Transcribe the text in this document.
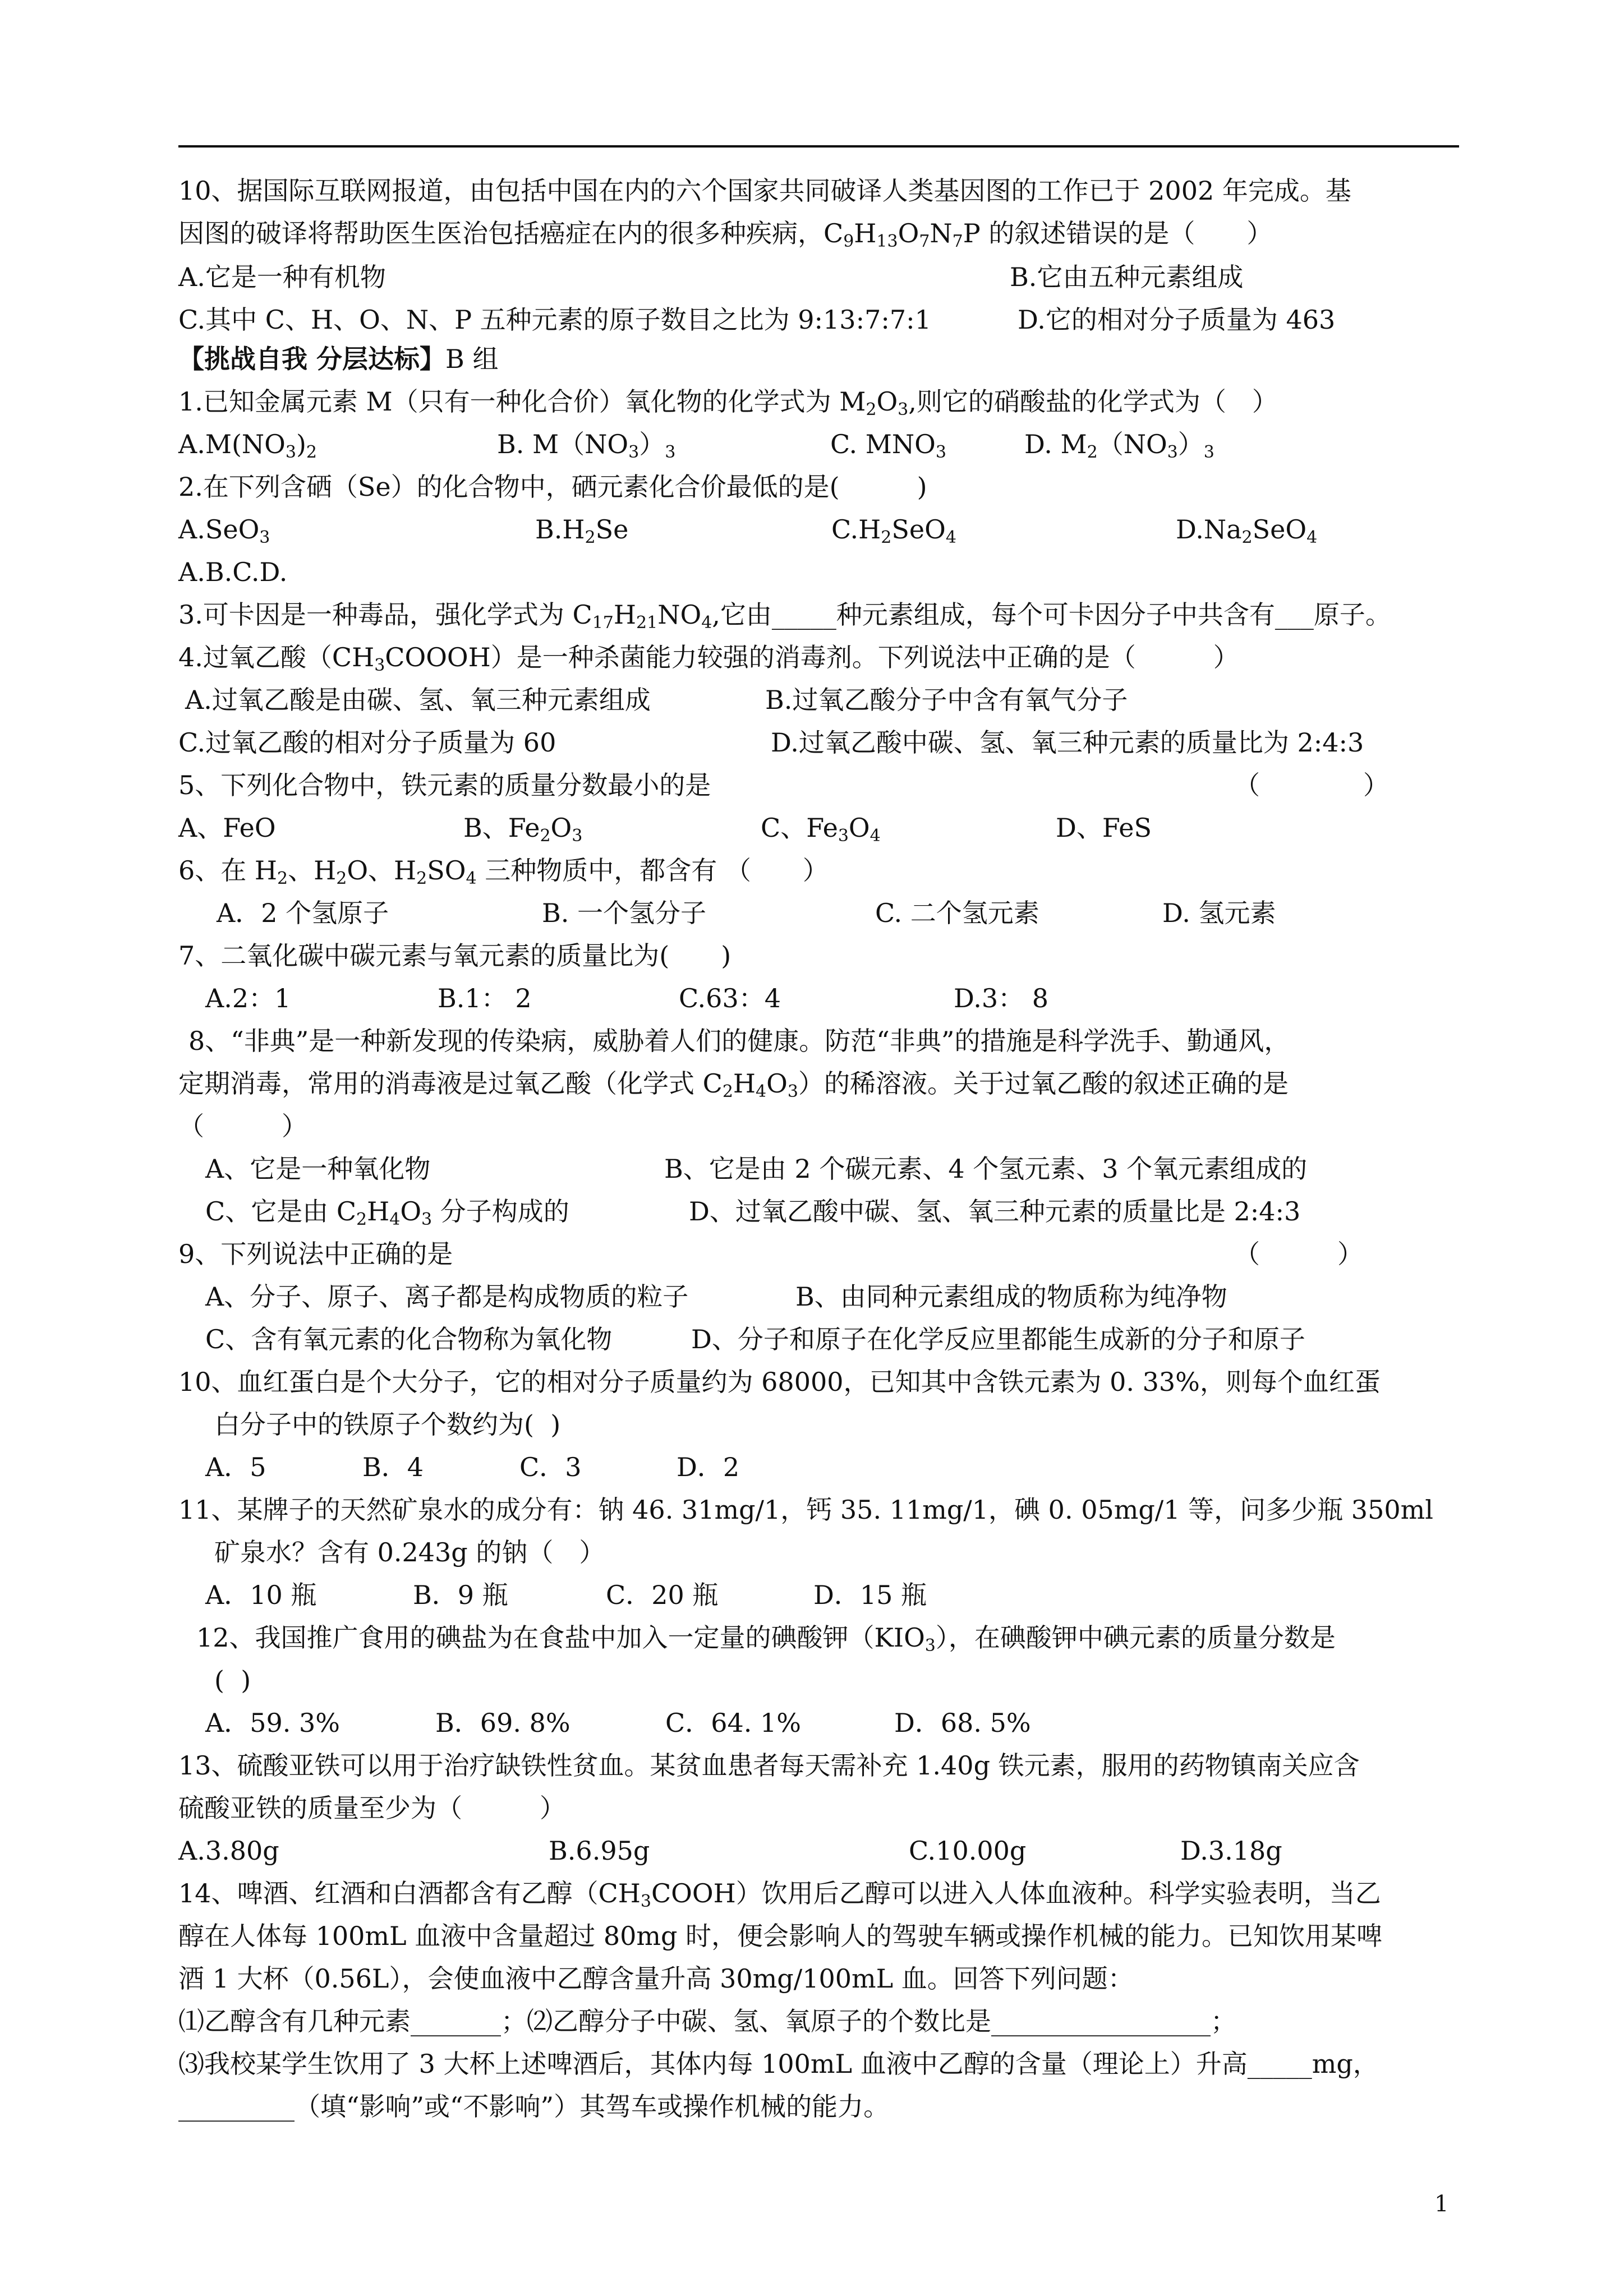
10、据国际互联网报道，由包括中国在内的六个国家共同破译人类基因图的工作已于 2002 年完成。基
因图的破译将帮助医生医治包括癌症在内的很多种疾病，$C_9H_{13}O_7N_7P$ 的叙述错误的是（　　）
A.它是一种有机物	B.它由五种元素组成
C.其中 C、H、O、N、P 五种元素的原子数目之比为 9:13:7:7:1	D.它的相对分子质量为 463
【挑战自我 分层达标】B 组
1.已知金属元素 M（只有一种化合价）氧化物的化学式为 $M_2O_3$,则它的硝酸盐的化学式为（　）
$A.M(NO_3)_2$	B. $M(NO_3)_3$	C. $MNO_3$	D. $M_2(NO_3)_3$
2.在下列含硒（Se）的化合物中，硒元素化合价最低的是(　　　)
A.SeO$_3$	$B.H_2Se$	$C.H_2SeO_4$	$D.Na_2SeO_4$
A.B.C.D.
3.可卡因是一种毒品，强化学式为 $C_{17}H_{21}NO_4$,它由_____种元素组成，每个可卡因分子中共含有___原子。
4.过氧乙酸$(CH_3COOOH)$是一种杀菌能力较强的消毒剂。下列说法中正确的是（　　　）
A.过氧乙酸是由碳、氢、氧三种元素组成	B.过氧乙酸分子中含有氧气分子
C.过氧乙酸的相对分子质量为 60	D.过氧乙酸中碳、氢、氧三种元素的质量比为 2:4:3
5、下列化合物中，铁元素的质量分数最小的是	（　　　　）
A、FeO	B、$Fe_2O_3$	C、$Fe_3O_4$	D、FeS
6、在 $H_2$、$H_2O$、$H_2SO_4$ 三种物质中，都含有 （　　）
A．2 个氢原子	B. 一个氢分子	C. 二个氢元素	D. 氢元素
7、二氧化碳中碳元素与氧元素的质量比为(　　)
A.2：1	B.1： 2	C.63：4	D.3： 8
8、“非典”是一种新发现的传染病，威胁着人们的健康。防范“非典”的措施是科学洗手、勤通风，
定期消毒，常用的消毒液是过氧乙酸（化学式 $C_2H_4O_3$）的稀溶液。关于过氧乙酸的叙述正确的是
（　　　）
A、它是一种氧化物	B、它是由 2 个碳元素、4 个氢元素、3 个氧元素组成的
C、它是由 $C_2H_4O_3$ 分子构成的	D、过氧乙酸中碳、氢、氧三种元素的质量比是 2:4:3
9、下列说法中正确的是	（　　　）
A、分子、原子、离子都是构成物质的粒子	B、由同种元素组成的物质称为纯净物
C、含有氧元素的化合物称为氧化物	D、分子和原子在化学反应里都能生成新的分子和原子
10、血红蛋白是个大分子，它的相对分子质量约为 68000，已知其中含铁元素为 0. 33%，则每个血红蛋
白分子中的铁原子个数约为(  )
A．5	B．4	C．3	D．2
11、某牌子的天然矿泉水的成分有：钠 46. 31mg/1，钙 35. 11mg/1，碘 0. 05mg/1 等，问多少瓶 350ml
矿泉水？含有 0.243g 的钠（　）
A．10 瓶	B．9 瓶	C．20 瓶	D．15 瓶
12、我国推广食用的碘盐为在食盐中加入一定量的碘酸钾$(KIO_3)$，在碘酸钾中碘元素的质量分数是
(  )
A．59. 3%	B．69. 8%	C．64. 1%	D．68. 5%
13、硫酸亚铁可以用于治疗缺铁性贫血。某贫血患者每天需补充 1.40g 铁元素，服用的药物镇南关应含
硫酸亚铁的质量至少为（　　　）
A.3.80g	B.6.95g	C.10.00g	D.3.18g
14、啤酒、红酒和白酒都含有乙醇$(CH_3COOH)$饮用后乙醇可以进入人体血液种。科学实验表明，当乙
醇在人体每 100mL 血液中含量超过 80mg 时，便会影响人的驾驶车辆或操作机械的能力。已知饮用某啤
酒 1 大杯（0.56L），会使血液中乙醇含量升高 30mg/100mL 血。回答下列问题：
⑴乙醇含有几种元素_______；⑵乙醇分子中碳、氢、氧原子的个数比是_________________；
⑶我校某学生饮用了 3 大杯上述啤酒后，其体内每 100mL 血液中乙醇的含量（理论上）升高_____mg，
_________（填“影响”或“不影响”）其驾车或操作机械的能力。
1
